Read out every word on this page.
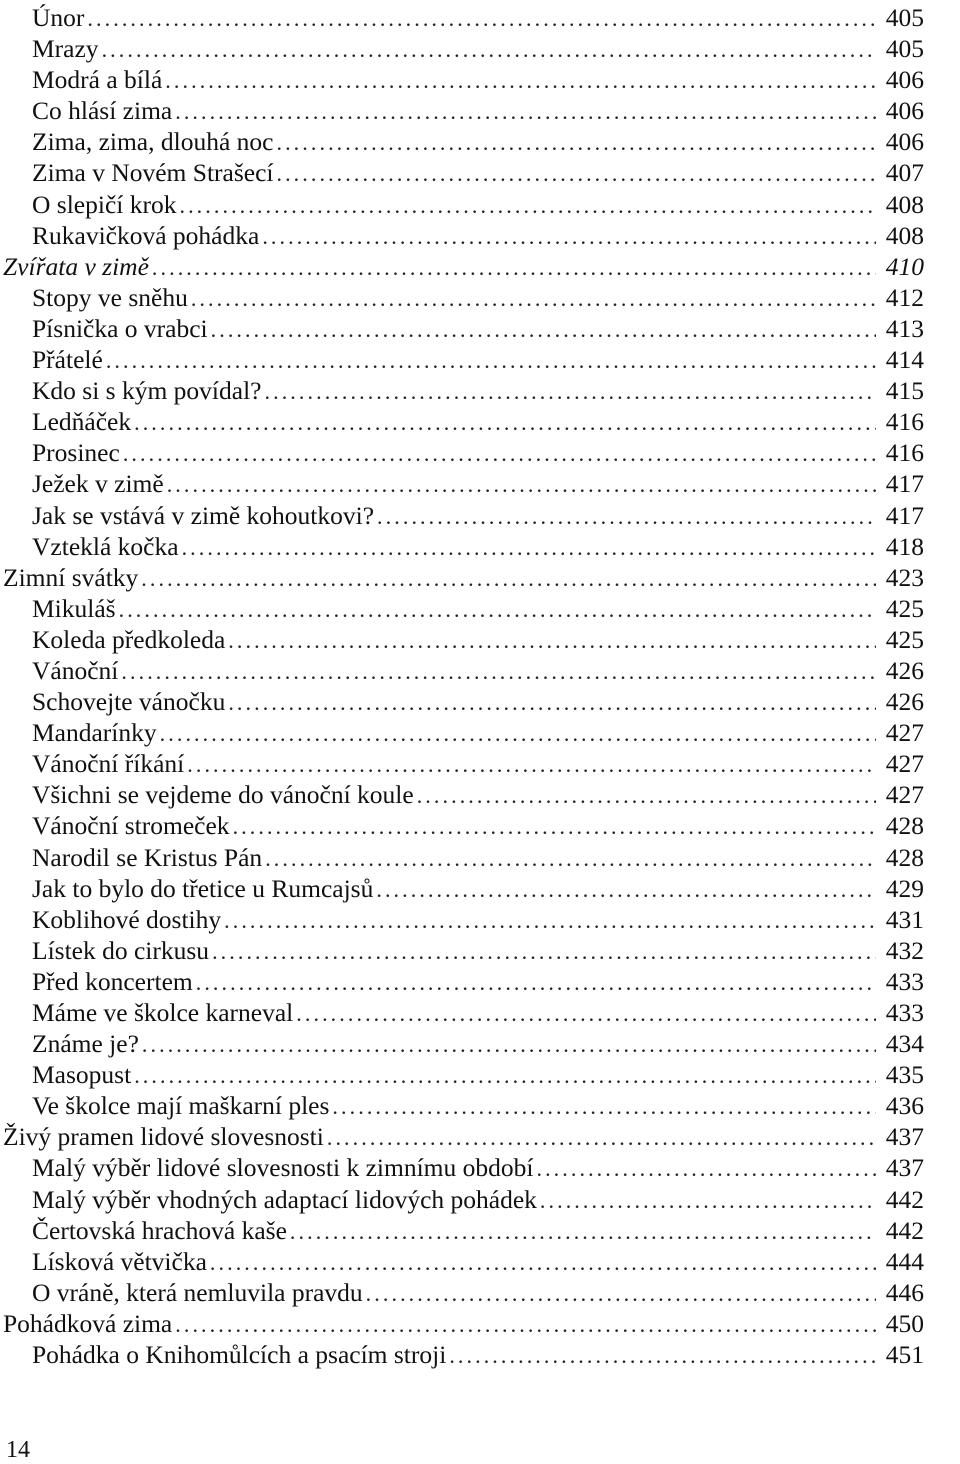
Únor .....	405
Mrazy .....	405
Modrá a bílá .....	406
Co hlásí zima .....	406
Zima, zima, dlouhá noc .....	406
Zima v Novém Strašecí .....	407
O slepičí krok .....	408
Rukavičková pohádka .....	408
Zvířata v zimě .....	410
Stopy ve sněhu .....	412
Písnička o vrabci .....	413
Přátelé .....	414
Kdo si s kým povídal? .....	415
Ledňáček .....	416
Prosinec .....	416
Ježek v zimě .....	417
Jak se vstává v zimě kohoutkovi? .....	417
Vzteklá kočka .....	418
Zimní svátky .....	423
Mikuláš .....	425
Koleda předkoleda .....	425
Vánoční .....	426
Schovejte vánočku .....	426
Mandarínky .....	427
Vánoční říkání .....	427
Všichni se vejdeme do vánoční koule .....	427
Vánoční stromeček .....	428
Narodil se Kristus Pán .....	428
Jak to bylo do třetice u Rumcajsů .....	429
Koblihové dostihy .....	431
Lístek do cirkusu .....	432
Před koncertem .....	433
Máme ve školce karneval .....	433
Známe je? .....	434
Masopust .....	435
Ve školce mají maškarní ples .....	436
Živý pramen lidové slovesnosti .....	437
Malý výběr lidové slovesnosti k zimnímu období .....	437
Malý výběr vhodných adaptací lidových pohádek .....	442
Čertovská hrachová kaše .....	442
Lísková větvička .....	444
O vráně, která nemluvila pravdu .....	446
Pohádková zima .....	450
Pohádka o Knihomůlcích a psacím stroji .....	451
14
